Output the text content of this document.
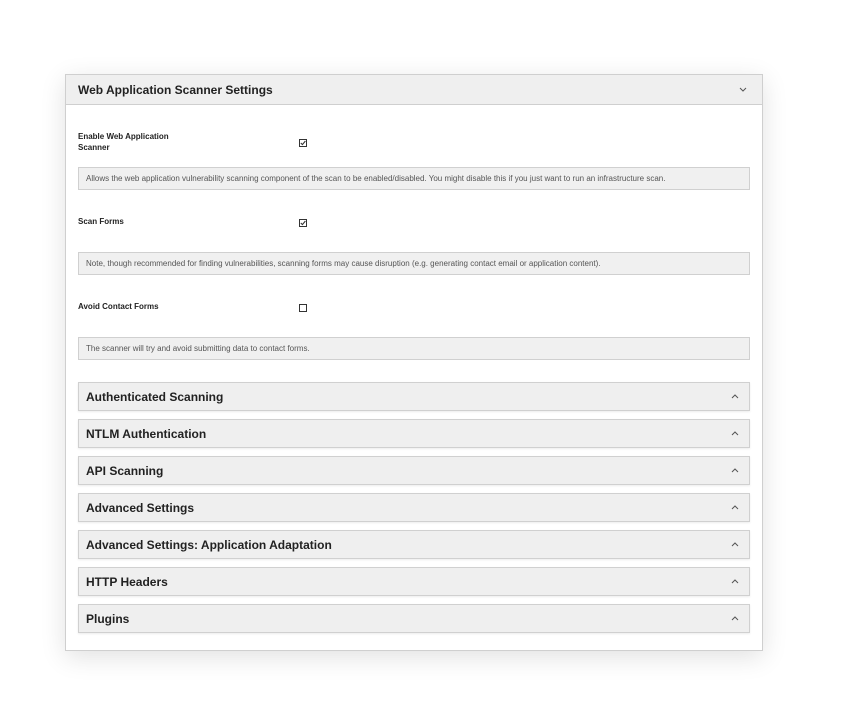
Web Application Scanner Settings
Enable Web Application Scanner
Allows the web application vulnerability scanning component of the scan to be enabled/disabled. You might disable this if you just want to run an infrastructure scan.
Scan Forms
Note, though recommended for finding vulnerabilities, scanning forms may cause disruption (e.g. generating contact email or application content).
Avoid Contact Forms
The scanner will try and avoid submitting data to contact forms.
Authenticated Scanning
NTLM Authentication
API Scanning
Advanced Settings
Advanced Settings: Application Adaptation
HTTP Headers
Plugins
